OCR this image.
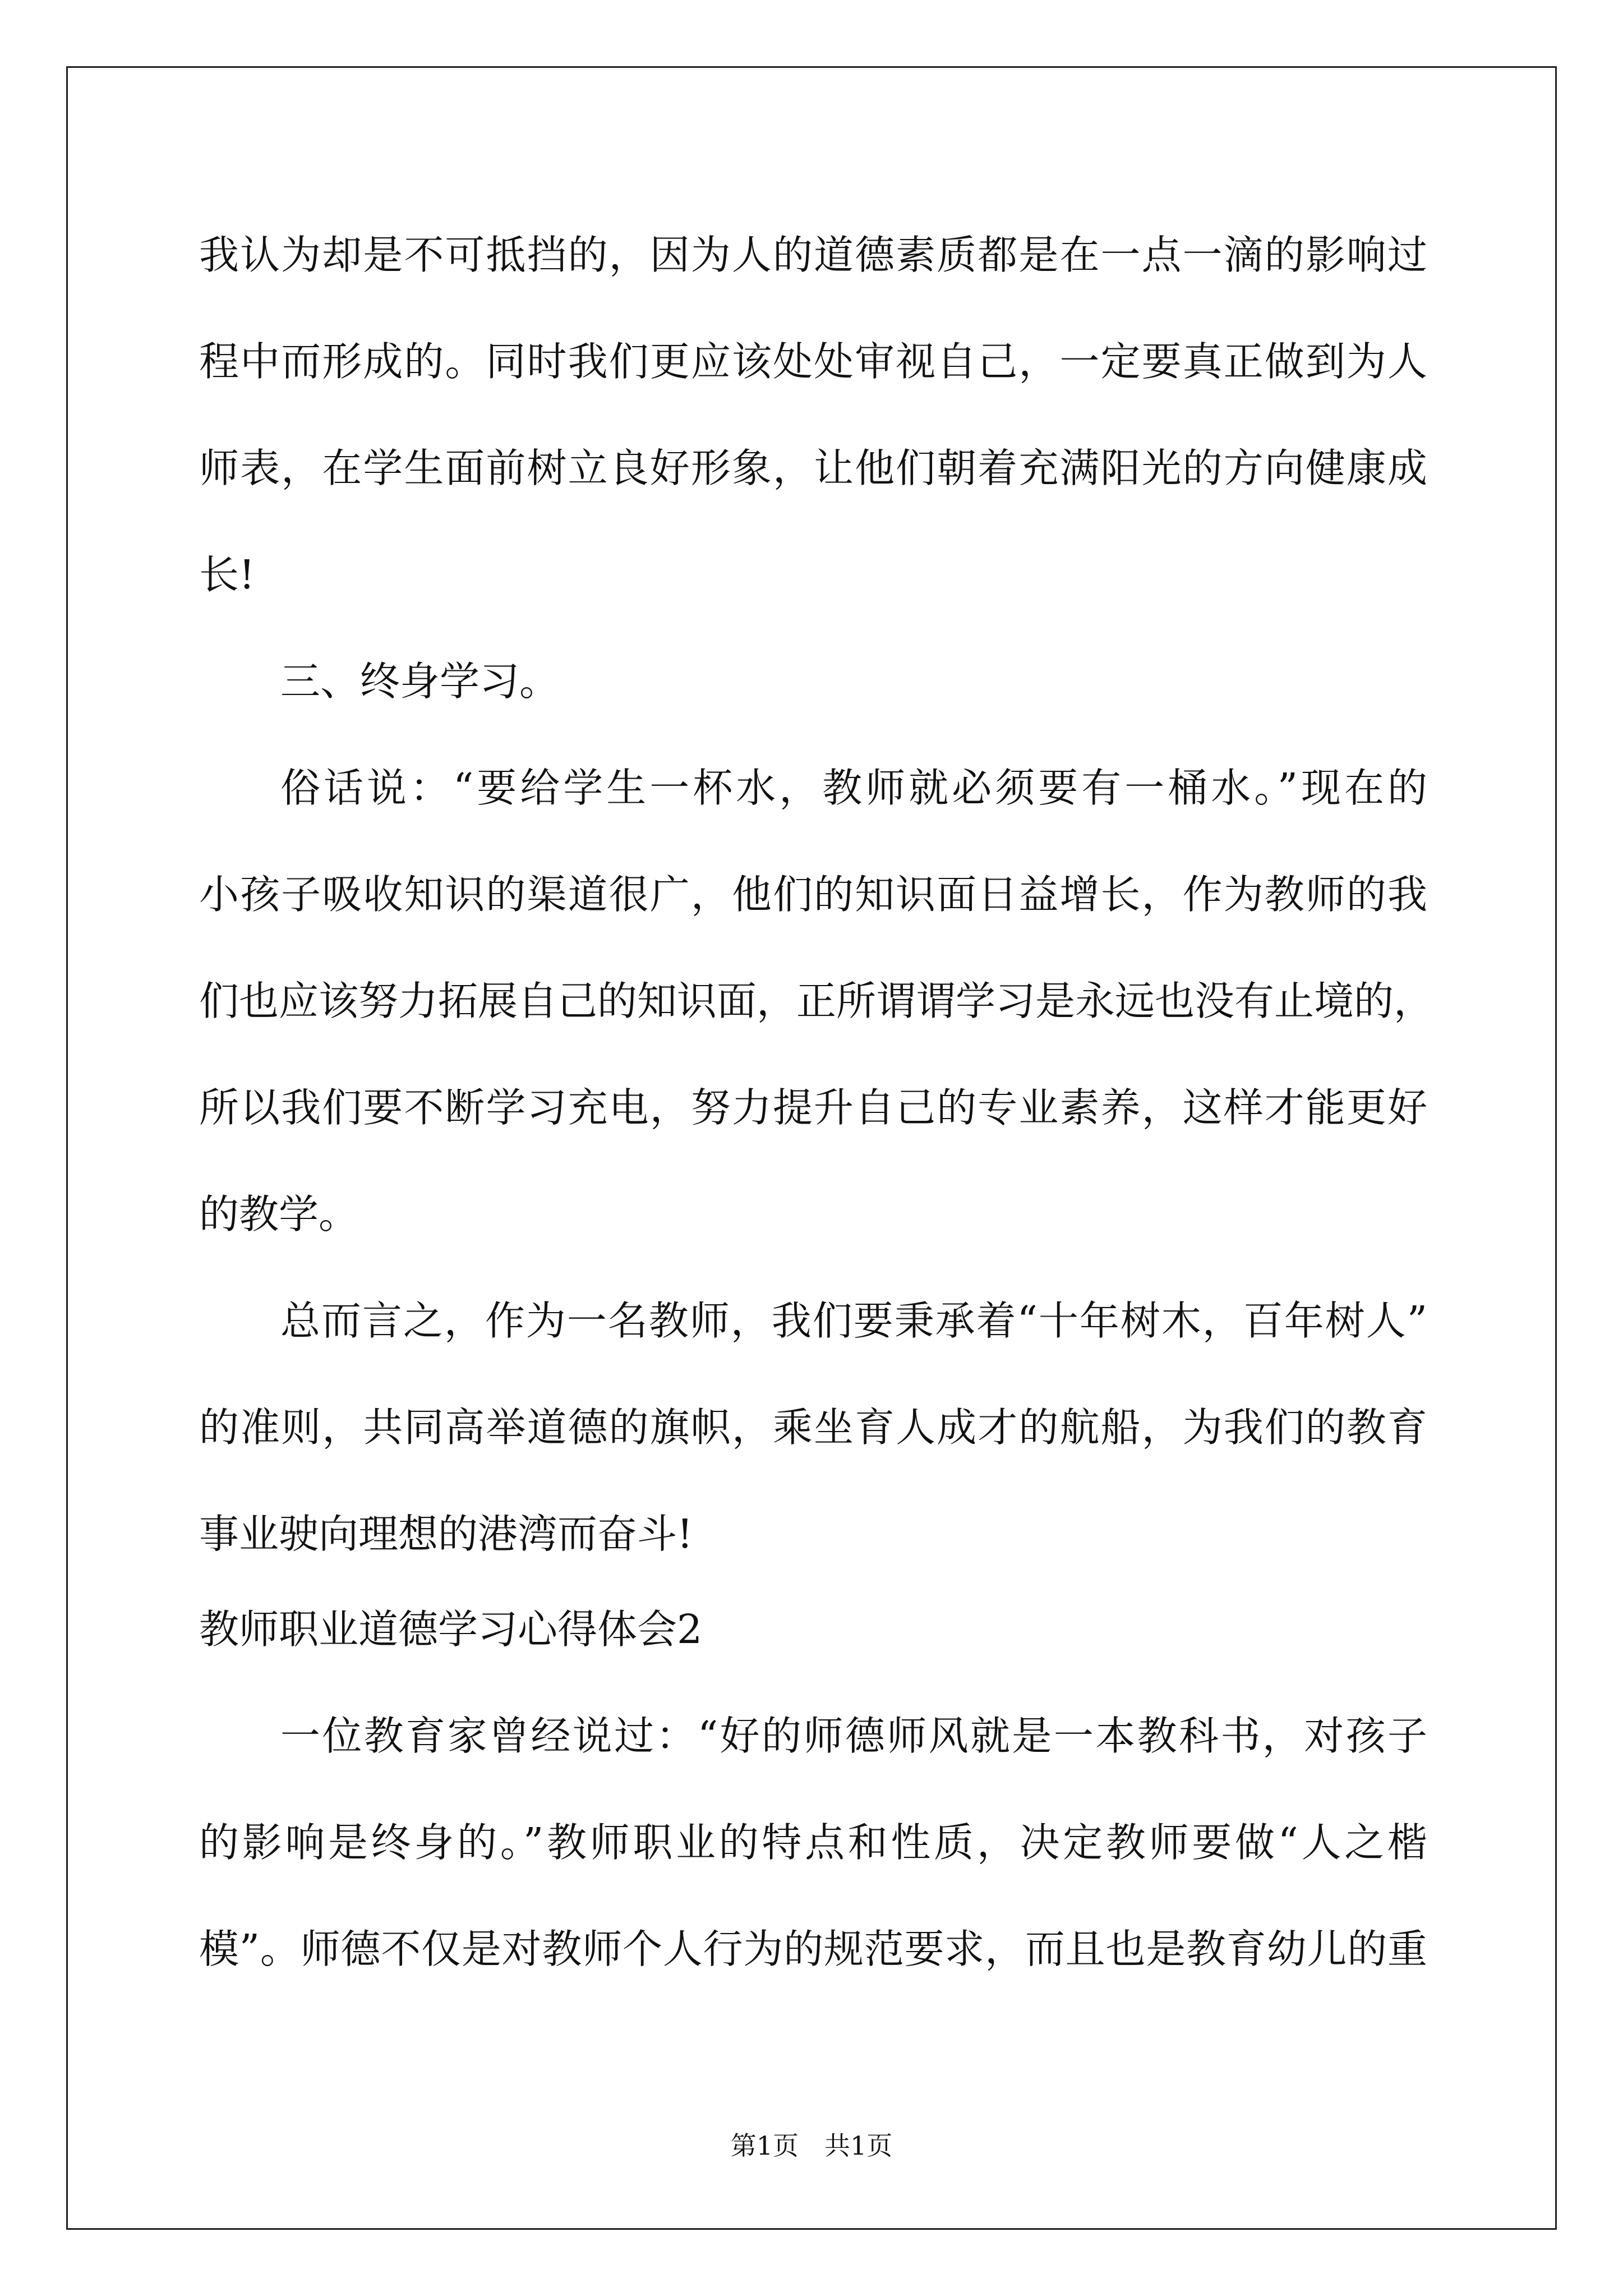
我认为却是不可抵挡的，因为人的道德素质都是在一点一滴的影响过
程中而形成的。同时我们更应该处处审视自己，一定要真正做到为人
师表，在学生面前树立良好形象，让他们朝着充满阳光的方向健康成
长!
三、终身学习。
俗话说：“要给学生一杯水，教师就必须要有一桶水。”现在的
小孩子吸收知识的渠道很广，他们的知识面日益增长，作为教师的我
们也应该努力拓展自己的知识面，正所谓谓学习是永远也没有止境的，
所以我们要不断学习充电，努力提升自己的专业素养，这样才能更好
的教学。
总而言之，作为一名教师，我们要秉承着“十年树木，百年树人”
的准则，共同高举道德的旗帜，乘坐育人成才的航船，为我们的教育
事业驶向理想的港湾而奋斗!
教师职业道德学习心得体会2
一位教育家曾经说过：“好的师德师风就是一本教科书，对孩子
的影响是终身的。”教师职业的特点和性质，决定教师要做“人之楷
模”。师德不仅是对教师个人行为的规范要求，而且也是教育幼儿的重
第1页　共1页
